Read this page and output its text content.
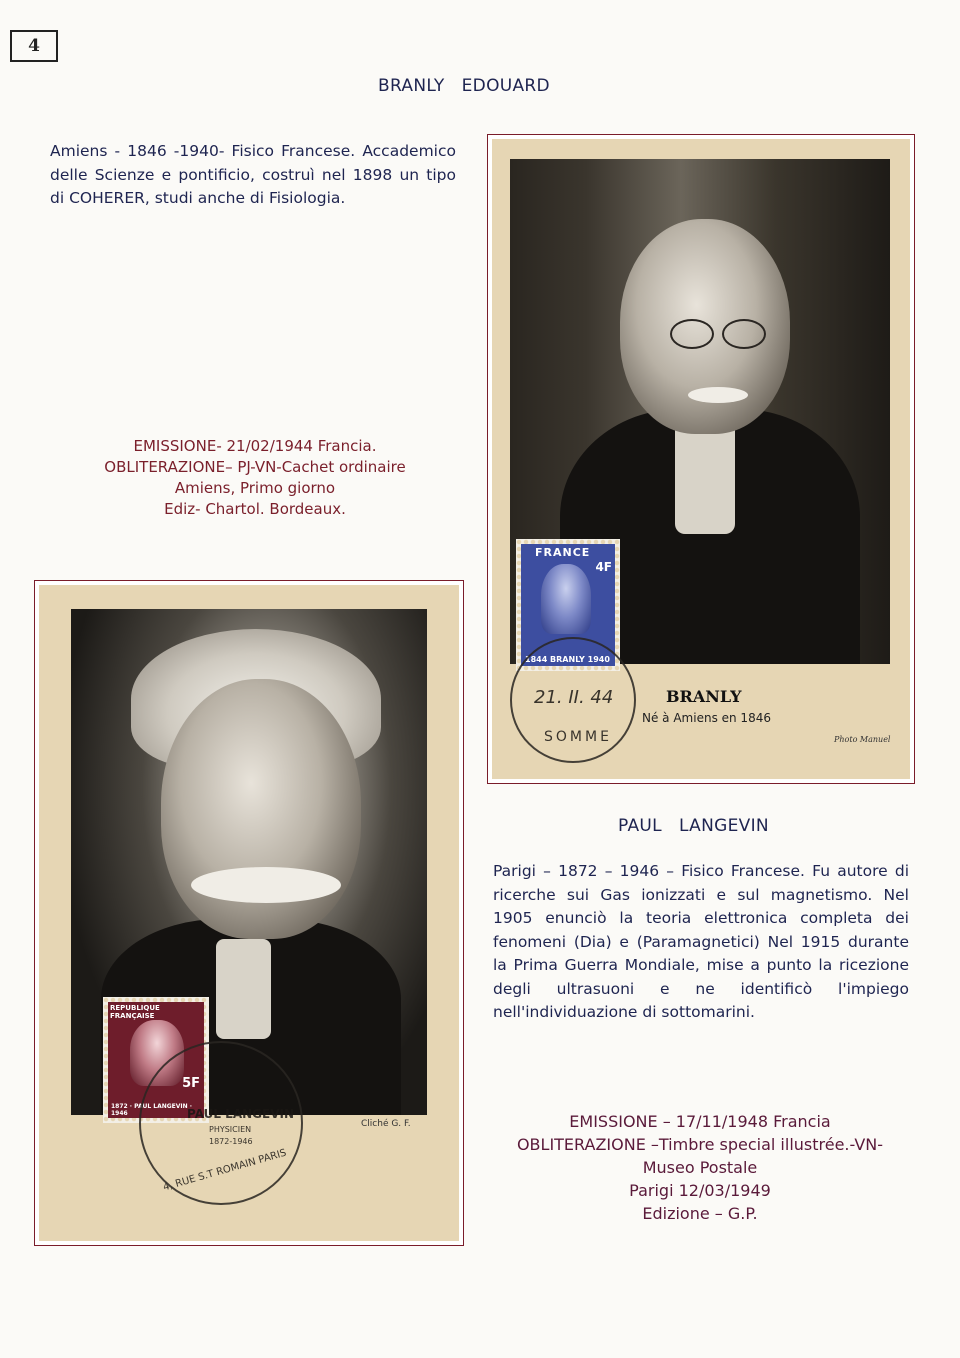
4
BRANLY   EDOUARD
Amiens - 1846 -1940- Fisico Francese. Accademico delle Scienze e pontificio, costruì nel 1898 un tipo di COHERER, studi anche di Fisiologia.
EMISSIONE- 21/02/1944 Francia.
OBLITERAZIONE– PJ-VN-Cachet ordinaire
Amiens, Primo giorno
Ediz- Chartol. Bordeaux.
FRANCE
4F
1844 BRANLY 1940
21. II. 44
SOMME
BRANLY
Né à Amiens en 1846
Photo Manuel
Cliché G. F.
REPUBLIQUE FRANÇAISE
5F
1872 · PAUL LANGEVIN · 1946	PAUL LANGEVIN
PHYSICIEN
1872-1946
4, RUE S.T ROMAIN PARIS
PAUL   LANGEVIN
Parigi – 1872 – 1946 – Fisico Francese. Fu autore di ricerche sui Gas ionizzati e sul magnetismo. Nel 1905 enunciò la teoria elettronica completa dei fenomeni (Dia) e (Paramagnetici) Nel 1915 durante la Prima Guerra Mondiale, mise a punto la ricezione degli ultrasuoni e ne identificò l'impiego nell'individuazione di sottomarini.
EMISSIONE – 17/11/1948 Francia
OBLITERAZIONE –Timbre special illustrée.-VN-
Museo Postale
Parigi 12/03/1949
Edizione – G.P.
